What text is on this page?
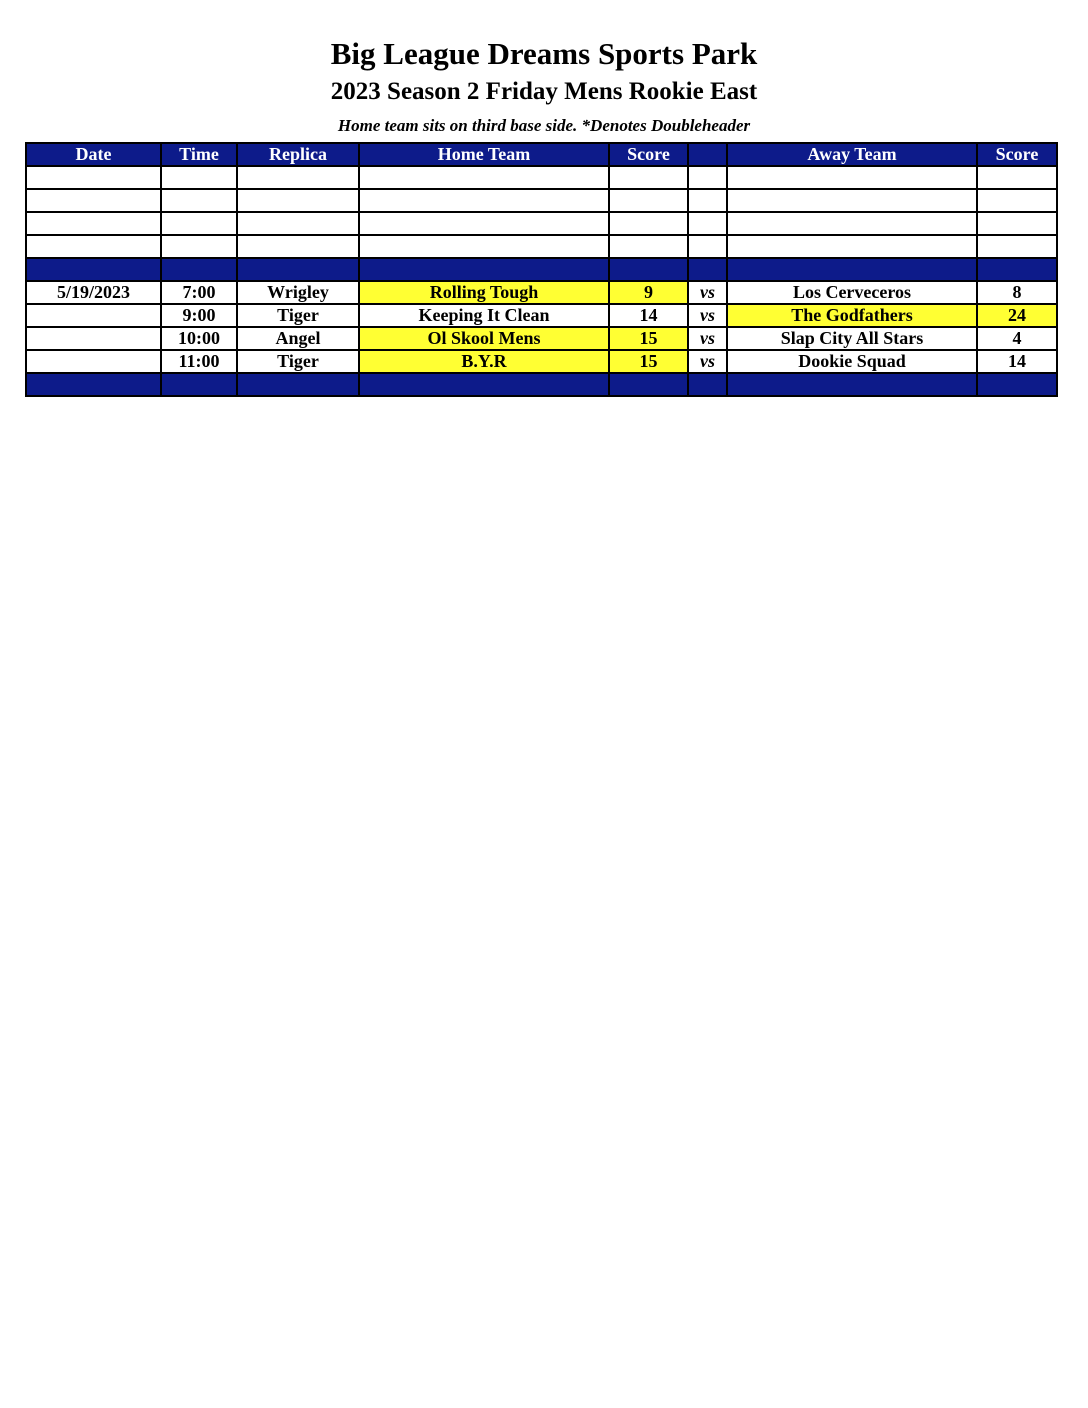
Big League Dreams Sports Park
2023 Season 2 Friday Mens Rookie East
Home team sits on third base side. *Denotes Doubleheader
Date	Time	Replica	Home Team	Score		Away Team	Score

5/19/2023	7:00	Wrigley	Rolling Tough	9	vs	Los Cerveceros	8
	9:00	Tiger	Keeping It Clean	14	vs	The Godfathers	24
	10:00	Angel	Ol Skool Mens	15	vs	Slap City All Stars	4
	11:00	Tiger	B.Y.R	15	vs	Dookie Squad	14
